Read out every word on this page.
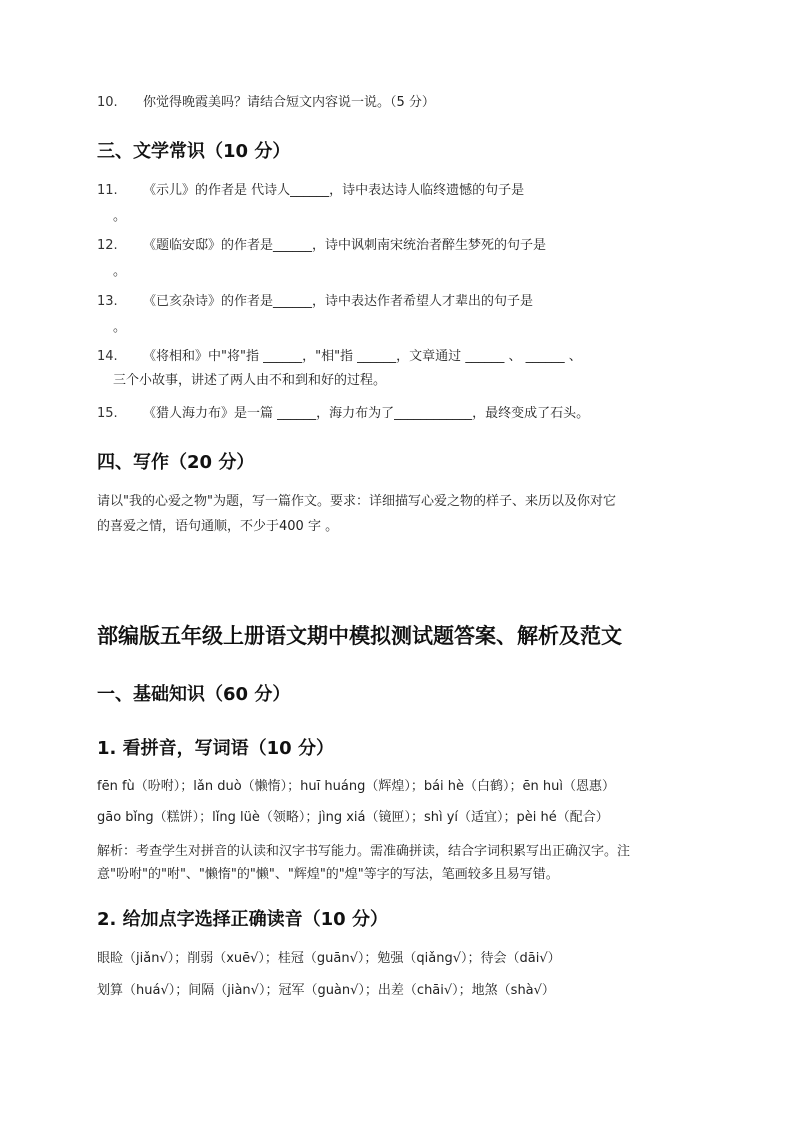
10. 你觉得晚霞美吗？请结合短文内容说一说。（5 分）
三、文学常识（10 分）
11. 《示儿》的作者是 代诗人______，诗中表达诗人临终遗憾的句子是
。
12. 《题临安邸》的作者是______，诗中讽刺南宋统治者醉生梦死的句子是
。
13. 《已亥杂诗》的作者是______，诗中表达作者希望人才辈出的句子是
。
14. 《将相和》中"将"指 ______，"相"指 ______，文章通过 ______ 、 ______ 、
三个小故事，讲述了两人由不和到和好的过程。
15. 《猎人海力布》是一篇 ______，海力布为了____________，最终变成了石头。
四、写作（20 分）
请以"我的心爱之物"为题，写一篇作文。要求：详细描写心爱之物的样子、来历以及你对它
的喜爱之情，语句通顺，不少于400 字 。
部编版五年级上册语文期中模拟测试题答案、解析及范文
一、基础知识（60 分）
1. 看拼音，写词语（10 分）
fēn fù（吩咐）；lǎn duò（懒惰）；huī huáng（辉煌）；bái hè（白鹤）；ēn huì（恩惠）
gāo bǐng（糕饼）；lǐng lüè（领略）；jìng xiá（镜匣）；shì yí（适宜）；pèi hé（配合）
解析：考查学生对拼音的认读和汉字书写能力。需准确拼读，结合字词积累写出正确汉字。注
意"吩咐"的"咐"、"懒惰"的"懒"、"辉煌"的"煌"等字的写法，笔画较多且易写错。
2. 给加点字选择正确读音（10 分）
眼睑（jiǎn√）；削弱（xuē√）；桂冠（guān√）；勉强（qiǎng√）；待会（dāi√）
划算（huá√）；间隔（jiàn√）；冠军（guàn√）；出差（chāi√）；地煞（shà√）
